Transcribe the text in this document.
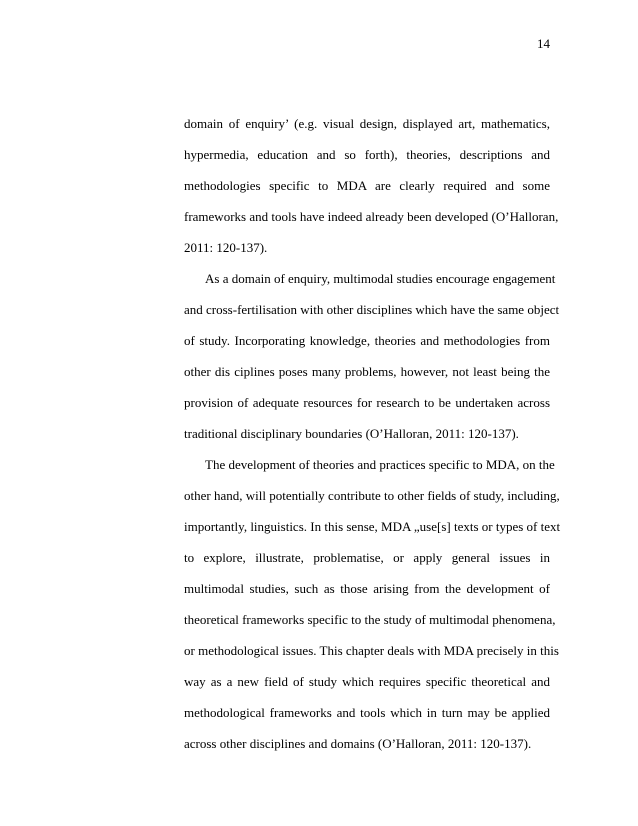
14
domain of enquiry’ (e.g. visual design, displayed art, mathematics,
hypermedia, education and so forth), theories, descriptions and
methodologies specific to MDA are clearly required and some
frameworks and tools have indeed already been developed (O’Halloran,
2011: 120-137).
As a domain of enquiry, multimodal studies encourage engagement
and cross-fertilisation with other disciplines which have the same object
of study. Incorporating knowledge, theories and methodologies from
other dis ciplines poses many problems, however, not least being the
provision of adequate resources for research to be undertaken across
traditional disciplinary boundaries (O’Halloran, 2011: 120-137).
The development of theories and practices specific to MDA, on the
other hand, will potentially contribute to other fields of study, including,
importantly, linguistics. In this sense, MDA „use[s] texts or types of text
to explore, illustrate, problematise, or apply general issues in
multimodal studies, such as those arising from the development of
theoretical frameworks specific to the study of multimodal phenomena,
or methodological issues. This chapter deals with MDA precisely in this
way as a new field of study which requires specific theoretical and
methodological frameworks and tools which in turn may be applied
across other disciplines and domains (O’Halloran, 2011: 120-137).
